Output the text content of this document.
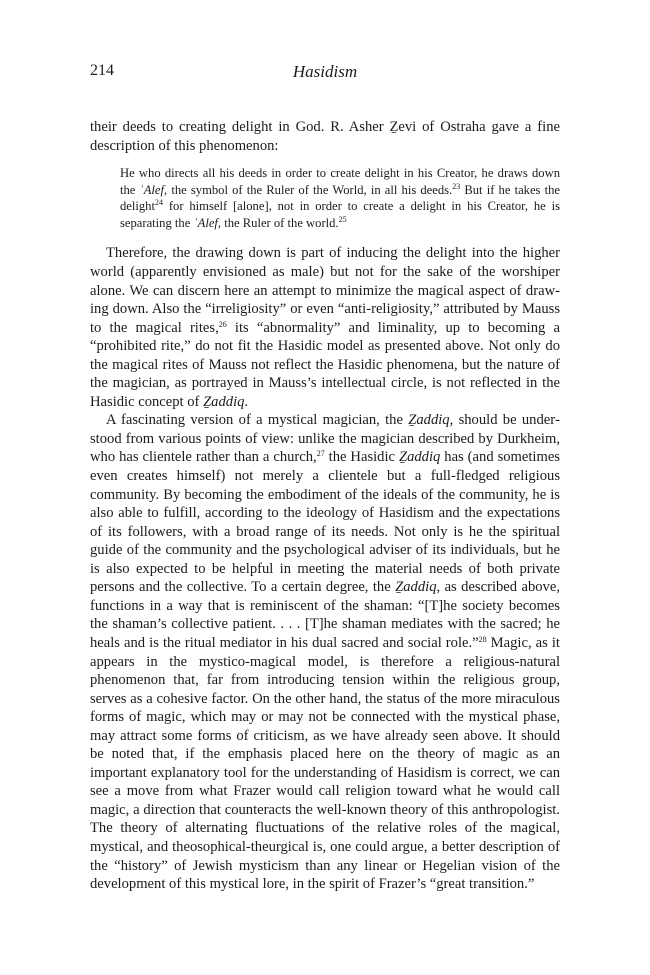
214	Hasidism

their deeds to creating delight in God. R. Asher Ẕevi of Ostraha gave a fine description of this phenomenon:

He who directs all his deeds in order to create delight in his Creator, he draws down the ʾAlef, the symbol of the Ruler of the World, in all his deeds.$^{23}$ But if he takes the delight$^{24}$ for himself [alone], not in order to create a delight in his Creator, he is separating the ʾAlef, the Ruler of the world.$^{25}$

Therefore, the drawing down is part of inducing the delight into the higher world (apparently envisioned as male) but not for the sake of the worshiper alone. We can discern here an attempt to minimize the magical aspect of drawing down. Also the “irreligiosity” or even “anti-religiosity,” attributed by Mauss to the magical rites,$^{26}$ its “abnormality” and liminality, up to becoming a “prohibited rite,” do not fit the Hasidic model as presented above. Not only do the magical rites of Mauss not reflect the Hasidic phenomena, but the nature of the magician, as portrayed in Mauss’s intellectual circle, is not reflected in the Hasidic concept of Ẕaddiq.

A fascinating version of a mystical magician, the Ẕaddiq, should be understood from various points of view: unlike the magician described by Durkheim, who has clientele rather than a church,$^{27}$ the Hasidic Ẕaddiq has (and sometimes even creates himself) not merely a clientele but a full-fledged religious community. By becoming the embodiment of the ideals of the community, he is also able to fulfill, according to the ideology of Hasidism and the expectations of its followers, with a broad range of its needs. Not only is he the spiritual guide of the community and the psychological adviser of its individuals, but he is also expected to be helpful in meeting the material needs of both private persons and the collective. To a certain degree, the Ẕaddiq, as described above, functions in a way that is reminiscent of the shaman: “[T]he society becomes the shaman’s collective patient. . . . [T]he shaman mediates with the sacred; he heals and is the ritual mediator in his dual sacred and social role.”$^{28}$ Magic, as it appears in the mystico-magical model, is therefore a religious-natural phenomenon that, far from introducing tension within the religious group, serves as a cohesive factor. On the other hand, the status of the more miraculous forms of magic, which may or may not be connected with the mystical phase, may attract some forms of criticism, as we have already seen above. It should be noted that, if the emphasis placed here on the theory of magic as an important explanatory tool for the understanding of Hasidism is correct, we can see a move from what Frazer would call religion toward what he would call magic, a direction that counteracts the well-known theory of this anthropologist. The theory of alternating fluctuations of the relative roles of the magical, mystical, and theosophical-theurgical is, one could argue, a better description of the “history” of Jewish mysticism than any linear or Hegelian vision of the development of this mystical lore, in the spirit of Frazer’s “great transition.”
